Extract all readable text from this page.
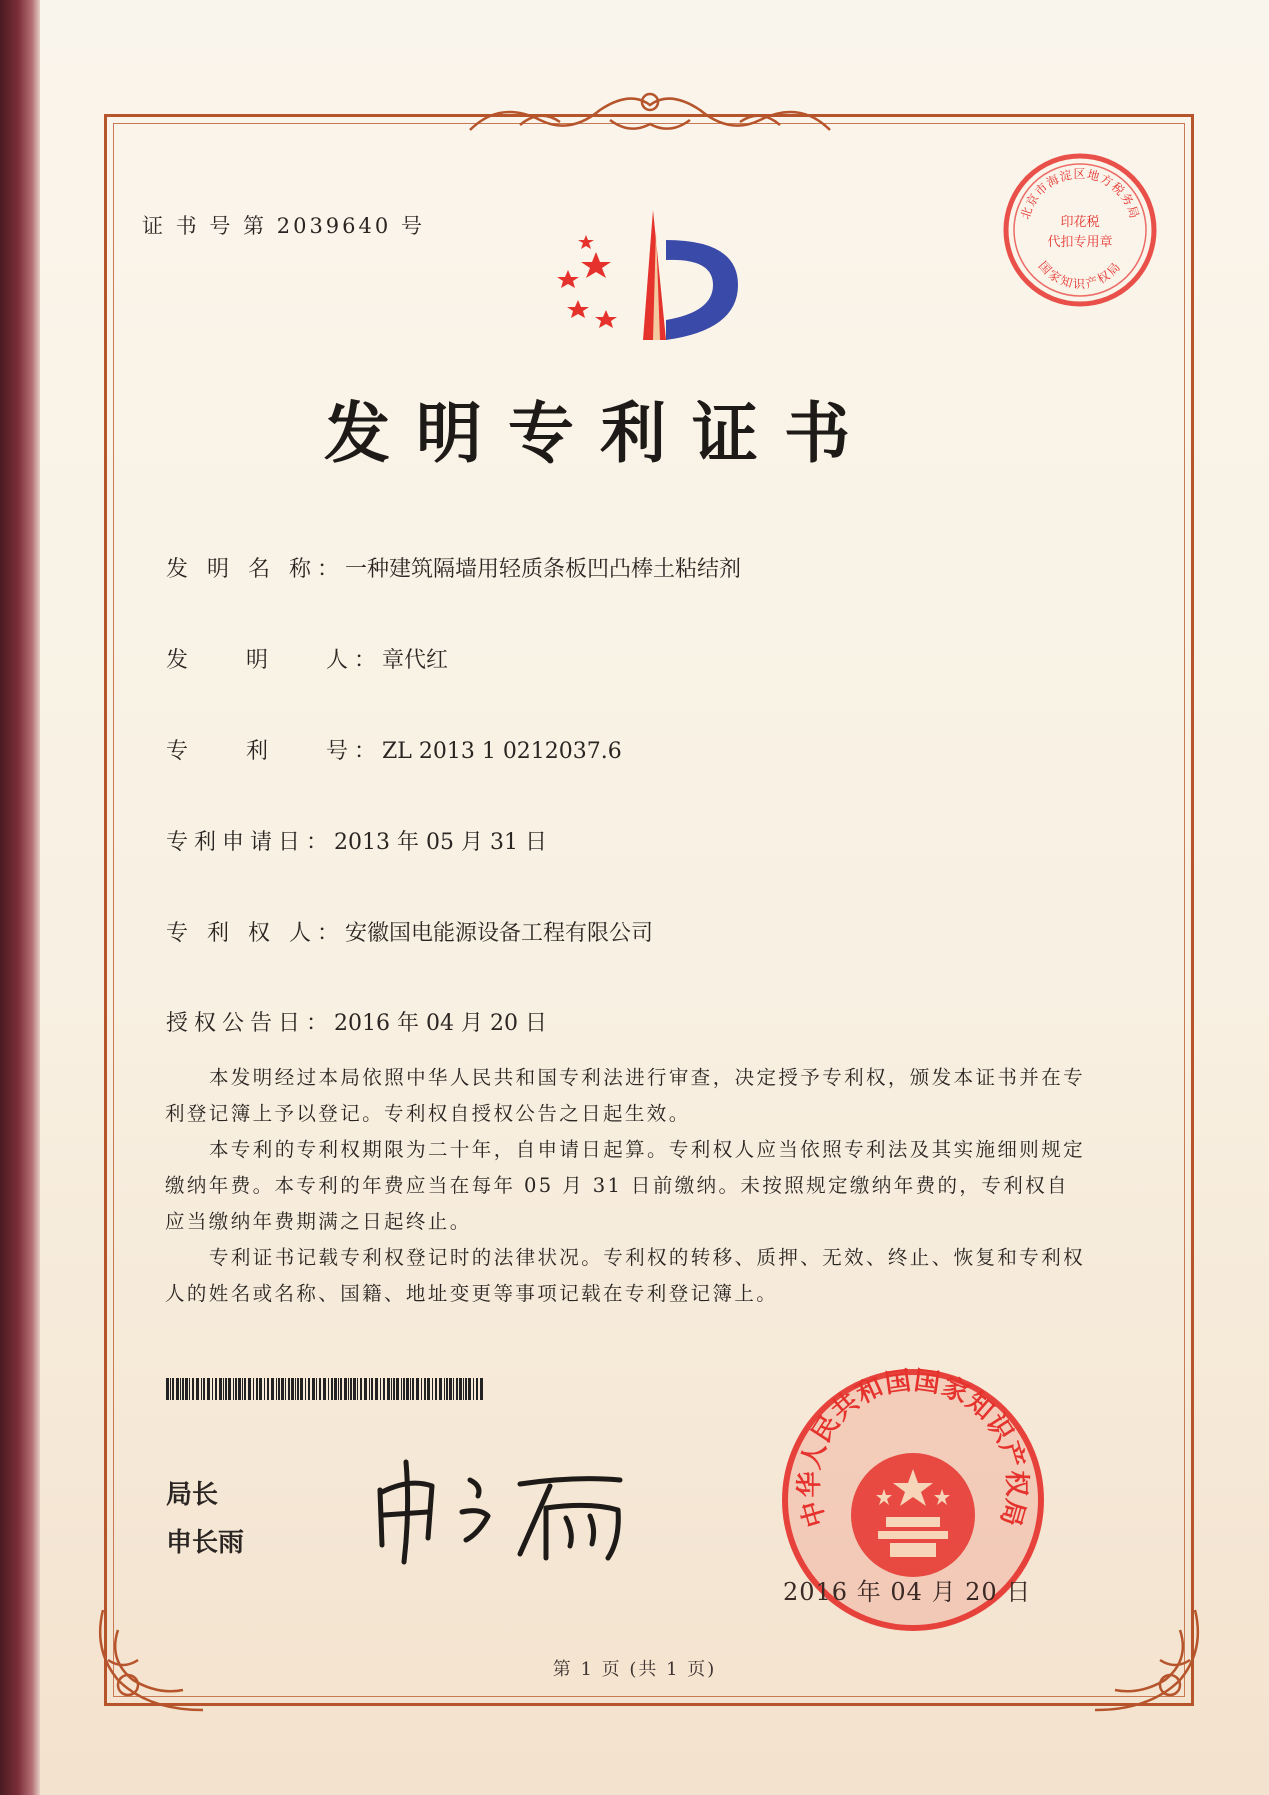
证 书 号 第 2039640 号
发明专利证书
发 明 名 称：一种建筑隔墙用轻质条板凹凸棒土粘结剂
发    明    人：章代红
专    利    号：ZL 2013 1 0212037.6
专利申请日：2013 年 05 月 31 日
专 利 权 人：安徽国电能源设备工程有限公司
授权公告日：2016 年 04 月 20 日

本发明经过本局依照中华人民共和国专利法进行审查，决定授予专利权，颁发本证书并在专利登记簿上予以登记。专利权自授权公告之日起生效。

本专利的专利权期限为二十年，自申请日起算。专利权人应当依照专利法及其实施细则规定缴纳年费。本专利的年费应当在每年 05 月 31 日前缴纳。未按照规定缴纳年费的，专利权自应当缴纳年费期满之日起终止。

专利证书记载专利权登记时的法律状况。专利权的转移、质押、无效、终止、恢复和专利权人的姓名或名称、国籍、地址变更等事项记载在专利登记簿上。

局长
申长雨
北京市海淀区地方税务局
印花税
代扣专用章
国家知识产权局
中华人民共和国国家知识产权局
2016 年 04 月 20 日
第 1 页 (共 1 页)
